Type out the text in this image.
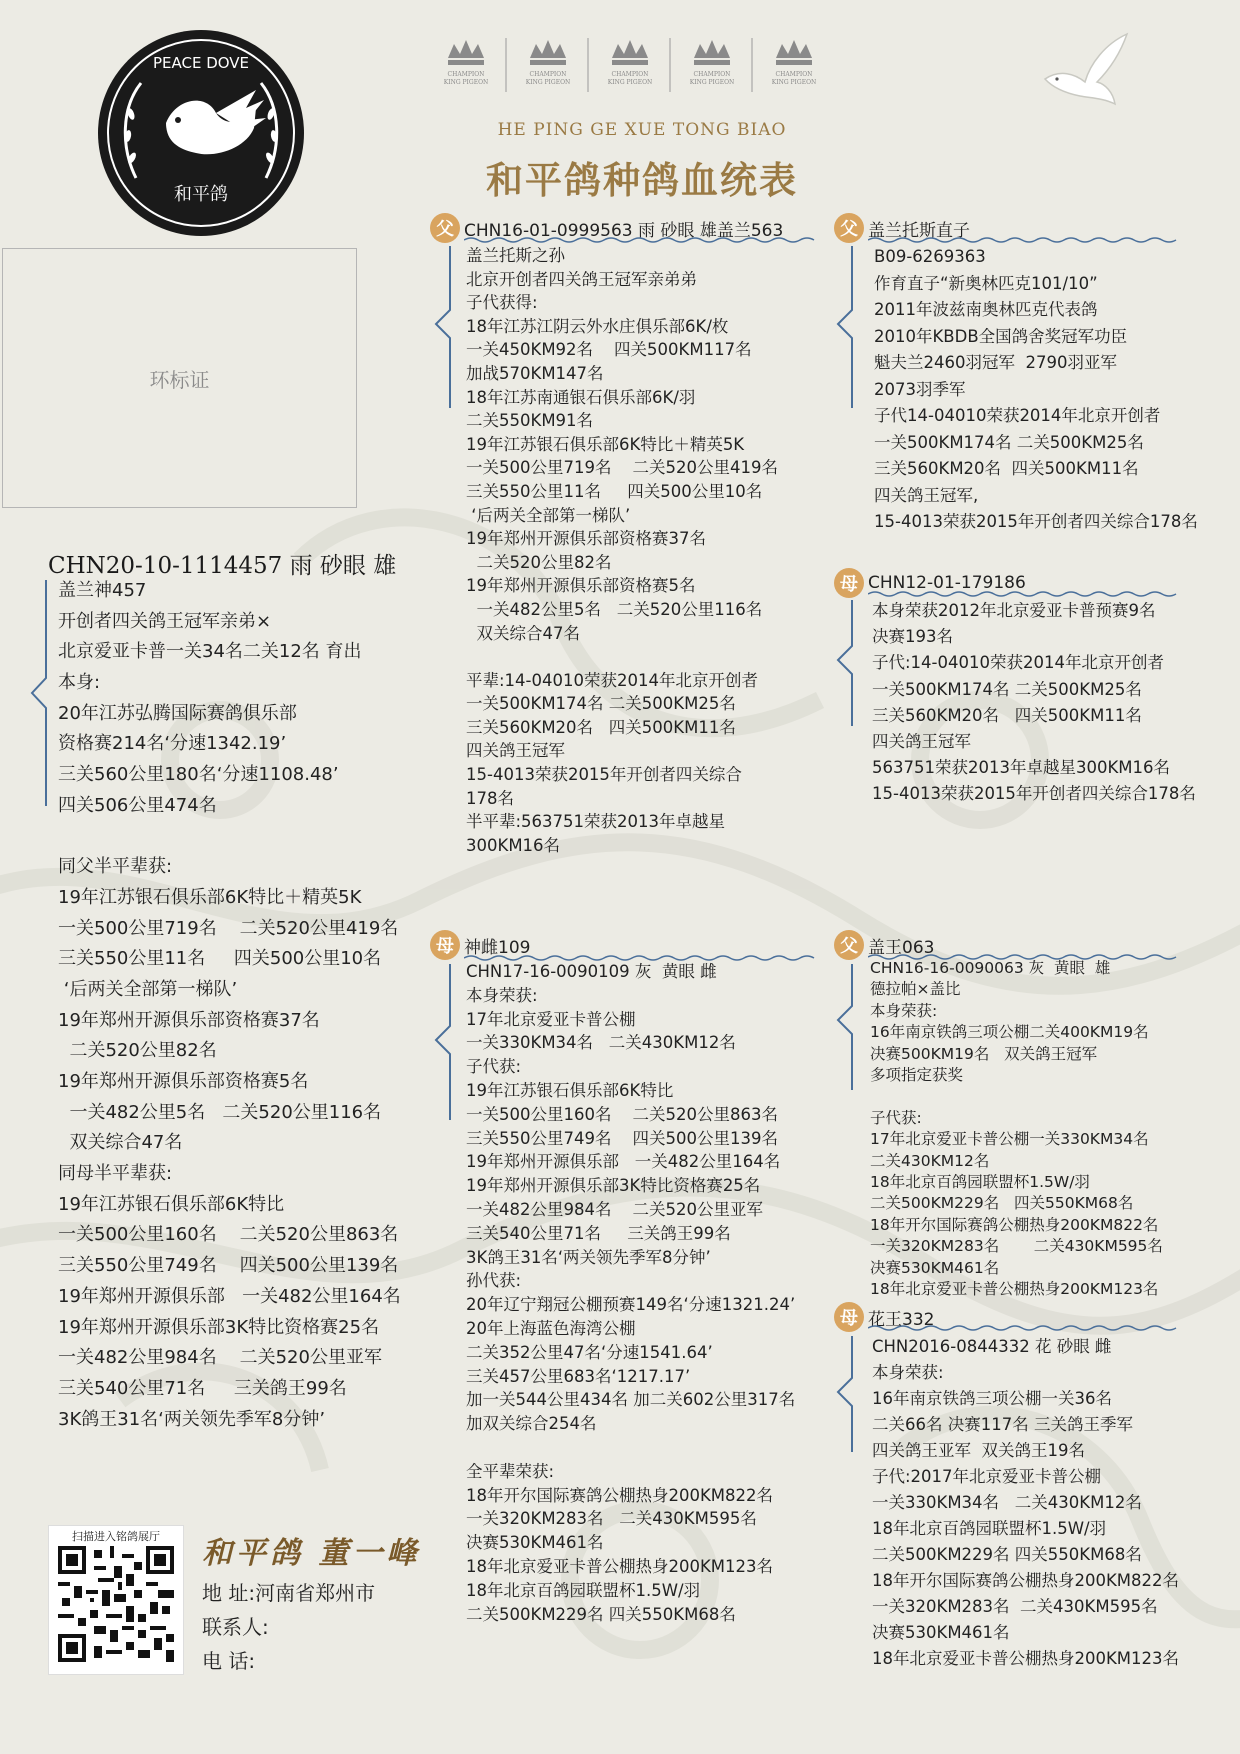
PEACE DOVE
和平鸽
CHAMPION
KING PIGEON
CHAMPION
KING PIGEON
CHAMPION
KING PIGEON
CHAMPION
KING PIGEON
CHAMPION
KING PIGEON
HE PING GE XUE TONG BIAO
和平鸽种鸽血统表
环标证
CHN20-10-1114457 雨 砂眼 雄
盖兰神457
开创者四关鸽王冠军亲弟×
北京爱亚卡普一关34名二关12名 育出
本身:
20年江苏弘腾国际赛鸽俱乐部
资格赛214名‘分速1342.19’
三关560公里180名‘分速1108.48’
四关506公里474名

同父半平辈获:
19年江苏银石俱乐部6K特比＋精英5K
一关500公里719名    二关520公里419名
三关550公里11名     四关500公里10名
‘后两关全部第一梯队’
19年郑州开源俱乐部资格赛37名
二关520公里82名
19年郑州开源俱乐部资格赛5名
一关482公里5名   二关520公里116名
双关综合47名
同母半平辈获:
19年江苏银石俱乐部6K特比
一关500公里160名    二关520公里863名
三关550公里749名    四关500公里139名
19年郑州开源俱乐部   一关482公里164名
19年郑州开源俱乐部3K特比资格赛25名
一关482公里984名    二关520公里亚军
三关540公里71名     三关鸽王99名
3K鸽王31名‘两关领先季军8分钟’
父 CHN16-01-0999563 雨 砂眼 雄盖兰563
盖兰托斯之孙
北京开创者四关鸽王冠军亲弟弟
子代获得:
18年江苏江阴云外水庄俱乐部6K/枚
一关450KM92名    四关500KM117名
加战570KM147名
18年江苏南通银石俱乐部6K/羽
二关550KM91名
19年江苏银石俱乐部6K特比＋精英5K
一关500公里719名    二关520公里419名
三关550公里11名     四关500公里10名
‘后两关全部第一梯队’
19年郑州开源俱乐部资格赛37名
二关520公里82名
19年郑州开源俱乐部资格赛5名
一关482公里5名   二关520公里116名
双关综合47名

平辈:14-04010荣获2014年北京开创者
一关500KM174名 二关500KM25名
三关560KM20名   四关500KM11名
四关鸽王冠军
15-4013荣获2015年开创者四关综合
178名
半平辈:563751荣获2013年卓越星
300KM16名
母 神雌109
CHN17-16-0090109 灰  黄眼 雌
本身荣获:
17年北京爱亚卡普公棚
一关330KM34名   二关430KM12名
子代获:
19年江苏银石俱乐部6K特比
一关500公里160名    二关520公里863名
三关550公里749名    四关500公里139名
19年郑州开源俱乐部   一关482公里164名
19年郑州开源俱乐部3K特比资格赛25名
一关482公里984名    二关520公里亚军
三关540公里71名     三关鸽王99名
3K鸽王31名‘两关领先季军8分钟’
孙代获:
20年辽宁翔冠公棚预赛149名‘分速1321.24’
20年上海蓝色海湾公棚
二关352公里47名‘分速1541.64’
三关457公里683名‘1217.17’
加一关544公里434名 加二关602公里317名
加双关综合254名

全平辈荣获:
18年开尔国际赛鸽公棚热身200KM822名
一关320KM283名   二关430KM595名
决赛530KM461名
18年北京爱亚卡普公棚热身200KM123名
18年北京百鸽园联盟杯1.5W/羽
二关500KM229名 四关550KM68名
父 盖兰托斯直子
B09-6269363
作育直子“新奥林匹克101/10”
2011年波兹南奥林匹克代表鸽
2010年KBDB全国鸽舍奖冠军功臣
魁夫兰2460羽冠军  2790羽亚军
2073羽季军
子代14-04010荣获2014年北京开创者
一关500KM174名 二关500KM25名
三关560KM20名  四关500KM11名
四关鸽王冠军,
15-4013荣获2015年开创者四关综合178名
母 CHN12-01-179186
本身荣获2012年北京爱亚卡普预赛9名
决赛193名
子代:14-04010荣获2014年北京开创者
一关500KM174名 二关500KM25名
三关560KM20名   四关500KM11名
四关鸽王冠军
563751荣获2013年卓越星300KM16名
15-4013荣获2015年开创者四关综合178名
父 盖王063
CHN16-16-0090063 灰  黄眼  雄
德拉帕×盖比
本身荣获:
16年南京铁鸽三项公棚二关400KM19名
决赛500KM19名   双关鸽王冠军
多项指定获奖

子代获:
17年北京爱亚卡普公棚一关330KM34名
二关430KM12名
18年北京百鸽园联盟杯1.5W/羽
二关500KM229名   四关550KM68名
18年开尔国际赛鸽公棚热身200KM822名
一关320KM283名       二关430KM595名
决赛530KM461名
18年北京爱亚卡普公棚热身200KM123名
母 花王332
CHN2016-0844332 花 砂眼 雌
本身荣获:
16年南京铁鸽三项公棚一关36名
二关66名 决赛117名 三关鸽王季军
四关鸽王亚军  双关鸽王19名
子代:2017年北京爱亚卡普公棚
一关330KM34名   二关430KM12名
18年北京百鸽园联盟杯1.5W/羽
二关500KM229名 四关550KM68名
18年开尔国际赛鸽公棚热身200KM822名
一关320KM283名  二关430KM595名
决赛530KM461名
18年北京爱亚卡普公棚热身200KM123名
扫描进入铭鸽展厅	和平鸽 董一峰
地 址:河南省郑州市
联系人:
电 话:
